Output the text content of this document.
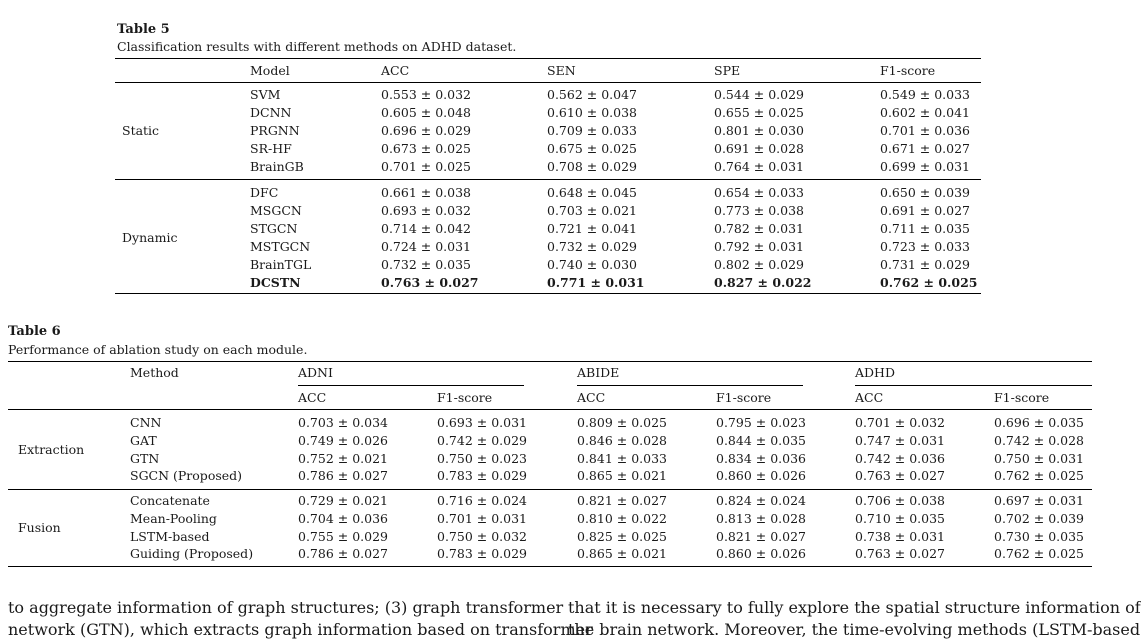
Table 5
Classification results with different methods on ADHD dataset.
Model	ACC	SEN	SPE	F1-score
Static
SVM	0.553 ± 0.032	0.562 ± 0.047	0.544 ± 0.029	0.549 ± 0.033
DCNN	0.605 ± 0.048	0.610 ± 0.038	0.655 ± 0.025	0.602 ± 0.041
PRGNN	0.696 ± 0.029	0.709 ± 0.033	0.801 ± 0.030	0.701 ± 0.036
SR-HF	0.673 ± 0.025	0.675 ± 0.025	0.691 ± 0.028	0.671 ± 0.027
BrainGB	0.701 ± 0.025	0.708 ± 0.029	0.764 ± 0.031	0.699 ± 0.031
Dynamic
DFC	0.661 ± 0.038	0.648 ± 0.045	0.654 ± 0.033	0.650 ± 0.039
MSGCN	0.693 ± 0.032	0.703 ± 0.021	0.773 ± 0.038	0.691 ± 0.027
STGCN	0.714 ± 0.042	0.721 ± 0.041	0.782 ± 0.031	0.711 ± 0.035
MSTGCN	0.724 ± 0.031	0.732 ± 0.029	0.792 ± 0.031	0.723 ± 0.033
BrainTGL	0.732 ± 0.035	0.740 ± 0.030	0.802 ± 0.029	0.731 ± 0.029
DCSTN	0.763 ± 0.027	0.771 ± 0.031	0.827 ± 0.022	0.762 ± 0.025
Table 6
Performance of ablation study on each module.
Method	ADNI	ABIDE	ADHD
ACC	F1-score	ACC	F1-score	ACC	F1-score
Extraction
CNN	0.703 ± 0.034	0.693 ± 0.031	0.809 ± 0.025	0.795 ± 0.023	0.701 ± 0.032	0.696 ± 0.035
GAT	0.749 ± 0.026	0.742 ± 0.029	0.846 ± 0.028	0.844 ± 0.035	0.747 ± 0.031	0.742 ± 0.028
GTN	0.752 ± 0.021	0.750 ± 0.023	0.841 ± 0.033	0.834 ± 0.036	0.742 ± 0.036	0.750 ± 0.031
SGCN (Proposed)	0.786 ± 0.027	0.783 ± 0.029	0.865 ± 0.021	0.860 ± 0.026	0.763 ± 0.027	0.762 ± 0.025
Fusion
Concatenate	0.729 ± 0.021	0.716 ± 0.024	0.821 ± 0.027	0.824 ± 0.024	0.706 ± 0.038	0.697 ± 0.031
Mean-Pooling	0.704 ± 0.036	0.701 ± 0.031	0.810 ± 0.022	0.813 ± 0.028	0.710 ± 0.035	0.702 ± 0.039
LSTM-based	0.755 ± 0.029	0.750 ± 0.032	0.825 ± 0.025	0.821 ± 0.027	0.738 ± 0.031	0.730 ± 0.035
Guiding (Proposed)	0.786 ± 0.027	0.783 ± 0.029	0.865 ± 0.021	0.860 ± 0.026	0.763 ± 0.027	0.762 ± 0.025
to aggregate information of graph structures; (3) graph transformer
network (GTN), which extracts graph information based on transformer
that it is necessary to fully explore the spatial structure information of
the brain network. Moreover, the time-evolving methods (LSTM-based
